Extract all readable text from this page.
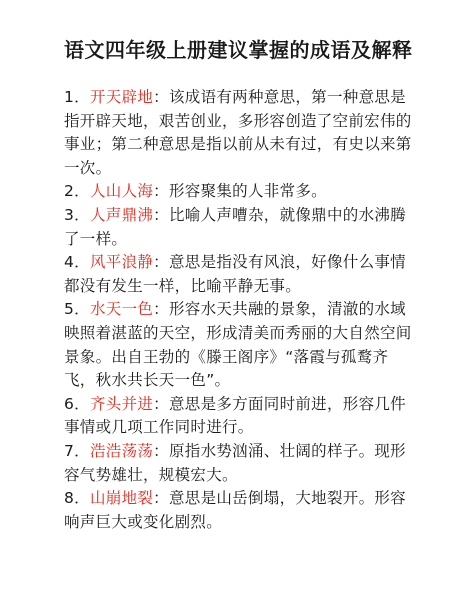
语文四年级上册建议掌握的成语及解释

1．开天辟地：该成语有两种意思，第一种意思是指开辟天地，艰苦创业，多形容创造了空前宏伟的事业；第二种意思是指以前从未有过，有史以来第一次。

2．人山人海：形容聚集的人非常多。

3．人声鼎沸：比喻人声嘈杂，就像鼎中的水沸腾了一样。

4．风平浪静：意思是指没有风浪，好像什么事情都没有发生一样，比喻平静无事。

5．水天一色：形容水天共融的景象，清澈的水域映照着湛蓝的天空，形成清美而秀丽的大自然空间景象。出自王勃的《滕王阁序》“落霞与孤鹜齐飞，秋水共长天一色”。

6．齐头并进：意思是多方面同时前进，形容几件事情或几项工作同时进行。

7．浩浩荡荡：原指水势汹涌、壮阔的样子。现形容气势雄壮，规模宏大。

8．山崩地裂：意思是山岳倒塌，大地裂开。形容响声巨大或变化剧烈。
